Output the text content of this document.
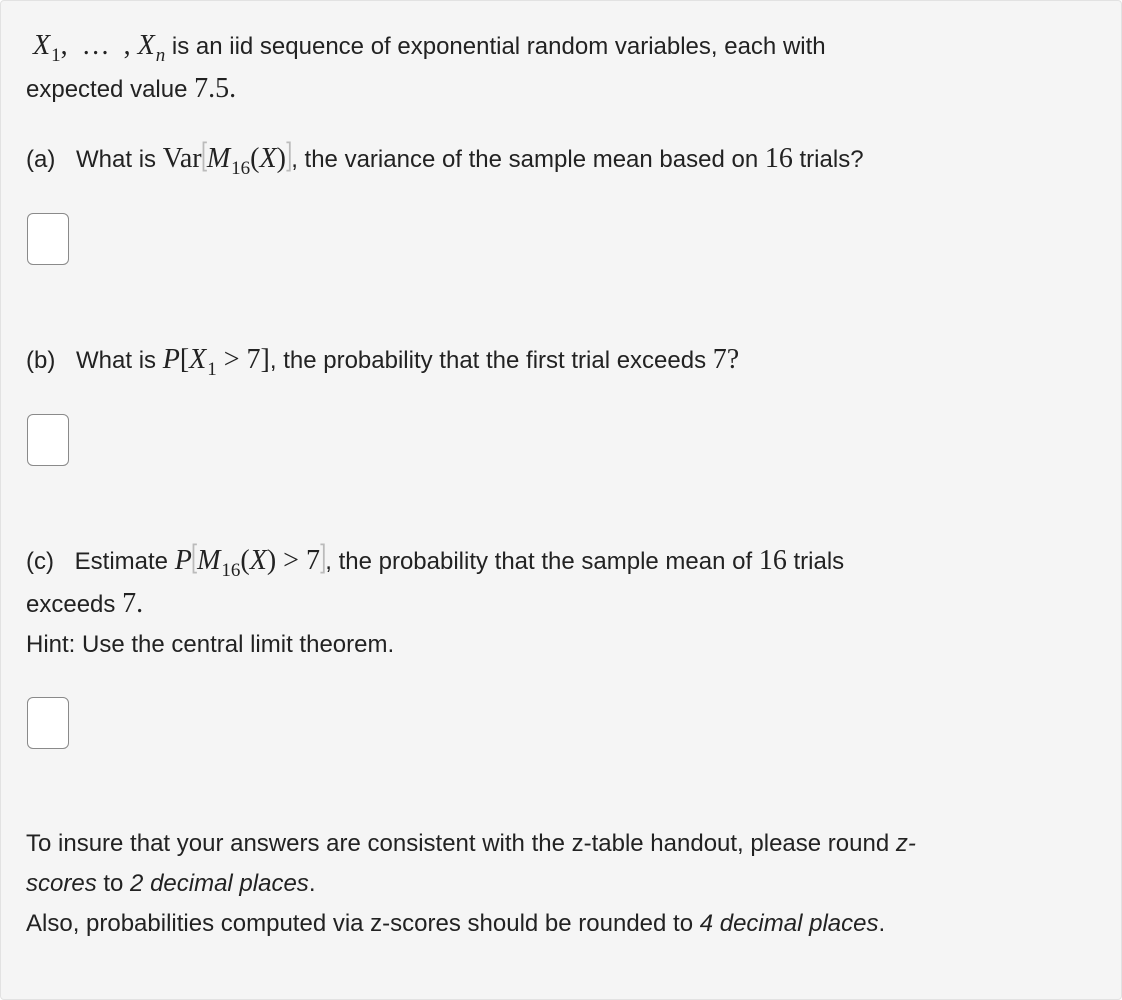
$X_1$,  …  , $X_n$ is an iid sequence of exponential random variables, each with
expected value 7.5.
(a) What is $Var[M_{16}(X)]$, the variance of the sample mean based on 16 trials?
(b) What is $P[X_1 > 7]$, the probability that the first trial exceeds 7?
(c) Estimate $P[M_{16}(X) > 7]$, the probability that the sample mean of 16 trials
exceeds 7.
Hint: Use the central limit theorem.
To insure that your answers are consistent with the z-table handout, please round z-
scores to 2 decimal places.
Also, probabilities computed via z-scores should be rounded to 4 decimal places.
